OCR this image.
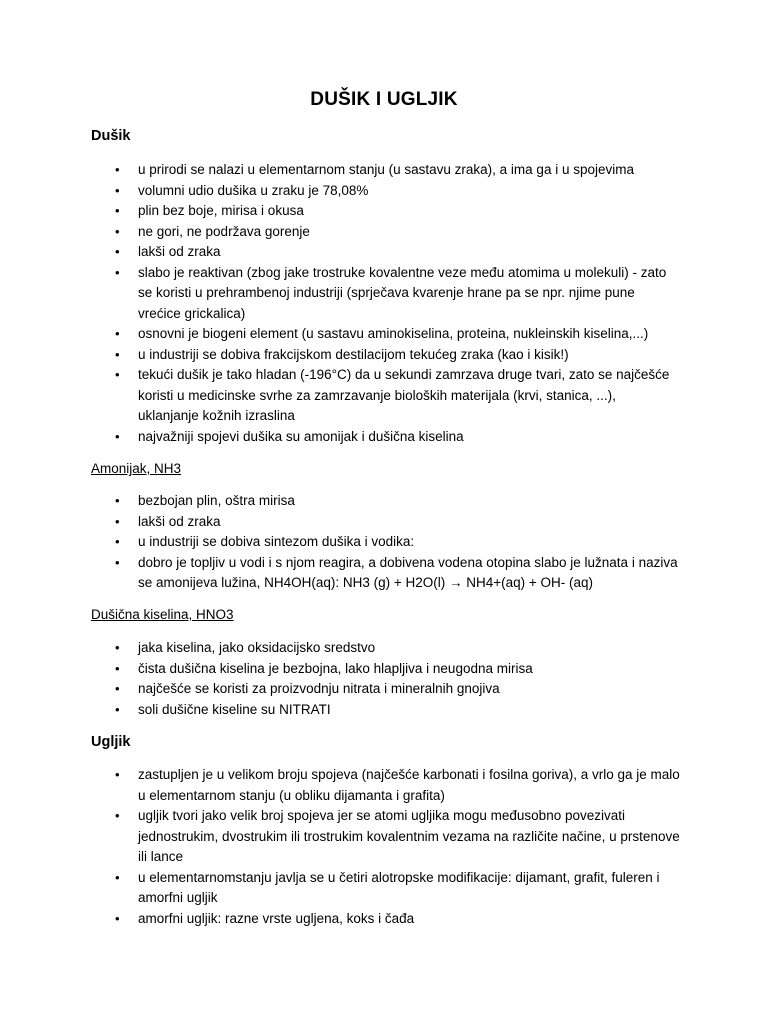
DUŠIK I UGLJIK
Dušik
• u prirodi se nalazi u elementarnom stanju (u sastavu zraka), a ima ga i u spojevima
• volumni udio dušika u zraku je 78,08%
• plin bez boje, mirisa i okusa
• ne gori, ne podržava gorenje
• lakši od zraka
• slabo je reaktivan (zbog jake trostruke kovalentne veze među atomima u molekuli) - zato se koristi u prehrambenoj industriji (sprječava kvarenje hrane pa se npr. njime pune vrećice grickalica)
• osnovni je biogeni element (u sastavu aminokiselina, proteina, nukleinskih kiselina,...)
• u industriji se dobiva frakcijskom destilacijom tekućeg zraka (kao i kisik!)
• tekući dušik je tako hladan (-196°C) da u sekundi zamrzava druge tvari, zato se najčešće koristi u medicinske svrhe za zamrzavanje bioloških materijala (krvi, stanica, ...), uklanjanje kožnih izraslina
• najvažniji spojevi dušika su amonijak i dušična kiselina
Amonijak, NH3
• bezbojan plin, oštra mirisa
• lakši od zraka
• u industriji se dobiva sintezom dušika i vodika:
• dobro je topljiv u vodi i s njom reagira, a dobivena vodena otopina slabo je lužnata i naziva se amonijeva lužina, NH4OH(aq): NH3 (g) + H2O(l) → NH4+(aq) + OH- (aq)
Dušična kiselina, HNO3
• jaka kiselina, jako oksidacijsko sredstvo
• čista dušična kiselina je bezbojna, lako hlapljiva i neugodna mirisa
• najčešće se koristi za proizvodnju nitrata i mineralnih gnojiva
• soli dušične kiseline su NITRATI
Ugljik
• zastupljen je u velikom broju spojeva (najčešće karbonati i fosilna goriva), a vrlo ga je malo u elementarnom stanju (u obliku dijamanta i grafita)
• ugljik tvori jako velik broj spojeva jer se atomi ugljika mogu međusobno povezivati jednostrukim, dvostrukim ili trostrukim kovalentnim vezama na različite načine, u prstenove ili lance
• u elementarnomstanju javlja se u četiri alotropske modifikacije: dijamant, grafit, fuleren i amorfni ugljik
• amorfni ugljik: razne vrste ugljena, koks i čađa
